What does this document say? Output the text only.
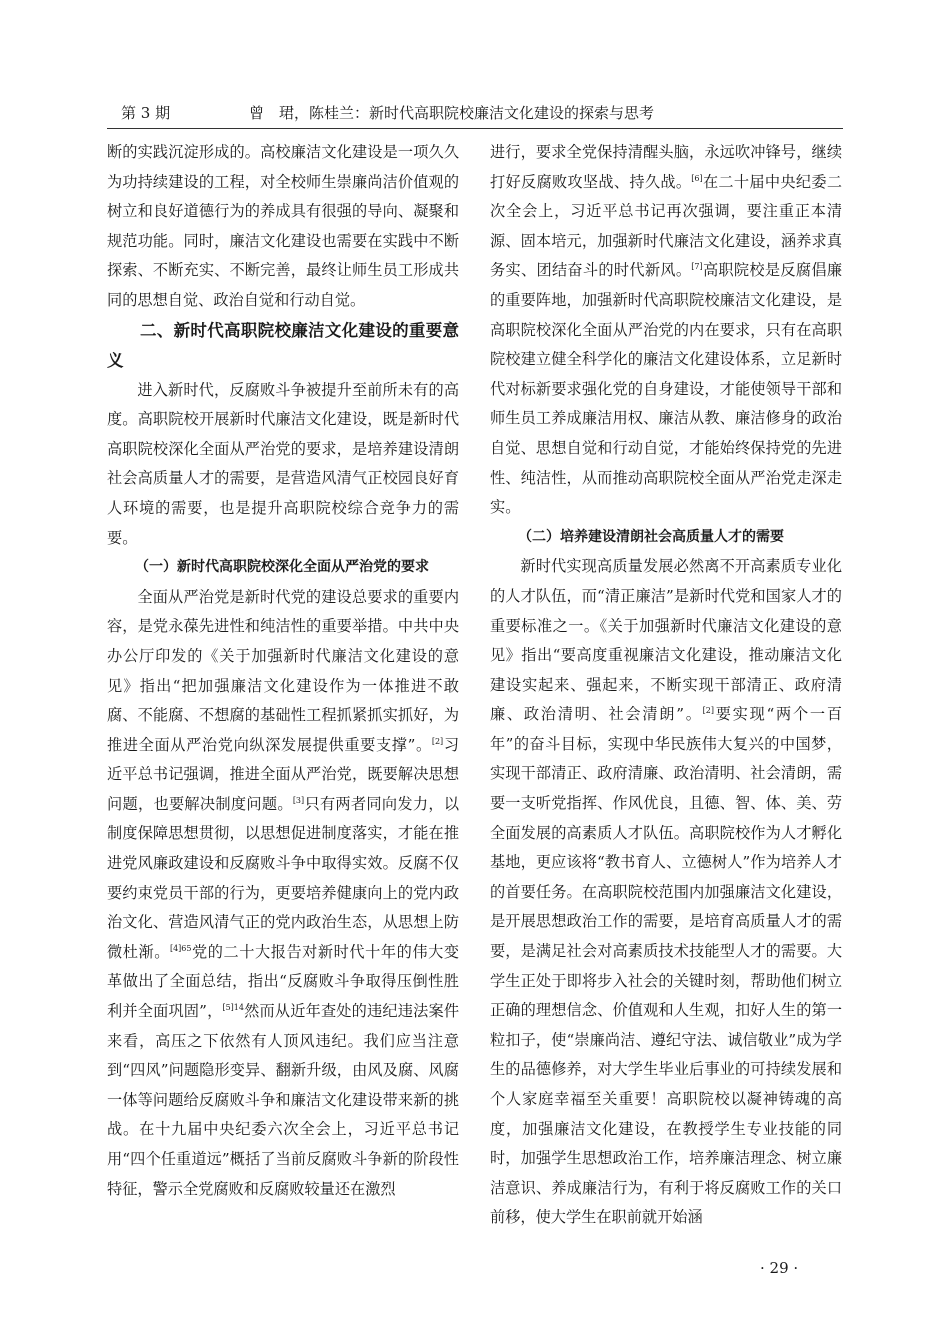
第 3 期	曾　珺，陈桂兰：新时代高职院校廉洁文化建设的探索与思考

断的实践沉淀形成的。高校廉洁文化建设是一项久久为功持续建设的工程，对全校师生崇廉尚洁价值观的树立和良好道德行为的养成具有很强的导向、凝聚和规范功能。同时，廉洁文化建设也需要在实践中不断探索、不断充实、不断完善，最终让师生员工形成共同的思想自觉、政治自觉和行动自觉。

二、新时代高职院校廉洁文化建设的重要意义

进入新时代，反腐败斗争被提升至前所未有的高度。高职院校开展新时代廉洁文化建设，既是新时代高职院校深化全面从严治党的要求，是培养建设清朗社会高质量人才的需要，是营造风清气正校园良好育人环境的需要，也是提升高职院校综合竞争力的需要。

（一）新时代高职院校深化全面从严治党的要求

全面从严治党是新时代党的建设总要求的重要内容，是党永葆先进性和纯洁性的重要举措。中共中央办公厅印发的《关于加强新时代廉洁文化建设的意见》指出“把加强廉洁文化建设作为一体推进不敢腐、不能腐、不想腐的基础性工程抓紧抓实抓好，为推进全面从严治党向纵深发展提供重要支撑”。[2]习近平总书记强调，推进全面从严治党，既要解决思想问题，也要解决制度问题。[3]只有两者同向发力，以制度保障思想贯彻，以思想促进制度落实，才能在推进党风廉政建设和反腐败斗争中取得实效。反腐不仅要约束党员干部的行为，更要培养健康向上的党内政治文化、营造风清气正的党内政治生态，从思想上防微杜渐。$^{[4]65}$党的二十大报告对新时代十年的伟大变革做出了全面总结，指出“反腐败斗争取得压倒性胜利并全面巩固”，$^{[5]14}$然而从近年查处的违纪违法案件来看，高压之下依然有人顶风违纪。我们应当注意到“四风”问题隐形变异、翻新升级，由风及腐、风腐一体等问题给反腐败斗争和廉洁文化建设带来新的挑战。在十九届中央纪委六次全会上，习近平总书记用“四个任重道远”概括了当前反腐败斗争新的阶段性特征，警示全党腐败和反腐败较量还在激烈

进行，要求全党保持清醒头脑，永远吹冲锋号，继续打好反腐败攻坚战、持久战。[6]在二十届中央纪委二次全会上，习近平总书记再次强调，要注重正本清源、固本培元，加强新时代廉洁文化建设，涵养求真务实、团结奋斗的时代新风。[7]高职院校是反腐倡廉的重要阵地，加强新时代高职院校廉洁文化建设，是高职院校深化全面从严治党的内在要求，只有在高职院校建立健全科学化的廉洁文化建设体系，立足新时代对标新要求强化党的自身建设，才能使领导干部和师生员工养成廉洁用权、廉洁从教、廉洁修身的政治自觉、思想自觉和行动自觉，才能始终保持党的先进性、纯洁性，从而推动高职院校全面从严治党走深走实。

（二）培养建设清朗社会高质量人才的需要

新时代实现高质量发展必然离不开高素质专业化的人才队伍，而“清正廉洁”是新时代党和国家人才的重要标准之一。《关于加强新时代廉洁文化建设的意见》指出“要高度重视廉洁文化建设，推动廉洁文化建设实起来、强起来，不断实现干部清正、政府清廉、政治清明、社会清朗”。[2]要实现“两个一百年”的奋斗目标，实现中华民族伟大复兴的中国梦，实现干部清正、政府清廉、政治清明、社会清朗，需要一支听党指挥、作风优良，且德、智、体、美、劳全面发展的高素质人才队伍。高职院校作为人才孵化基地，更应该将“教书育人、立德树人”作为培养人才的首要任务。在高职院校范围内加强廉洁文化建设，是开展思想政治工作的需要，是培育高质量人才的需要，是满足社会对高素质技术技能型人才的需要。大学生正处于即将步入社会的关键时刻，帮助他们树立正确的理想信念、价值观和人生观，扣好人生的第一粒扣子，使“崇廉尚洁、遵纪守法、诚信敬业”成为学生的品德修养，对大学生毕业后事业的可持续发展和个人家庭幸福至关重要！高职院校以凝神铸魂的高度，加强廉洁文化建设，在教授学生专业技能的同时，加强学生思想政治工作，培养廉洁理念、树立廉洁意识、养成廉洁行为，有利于将反腐败工作的关口前移，使大学生在职前就开始涵

· 29 ·
